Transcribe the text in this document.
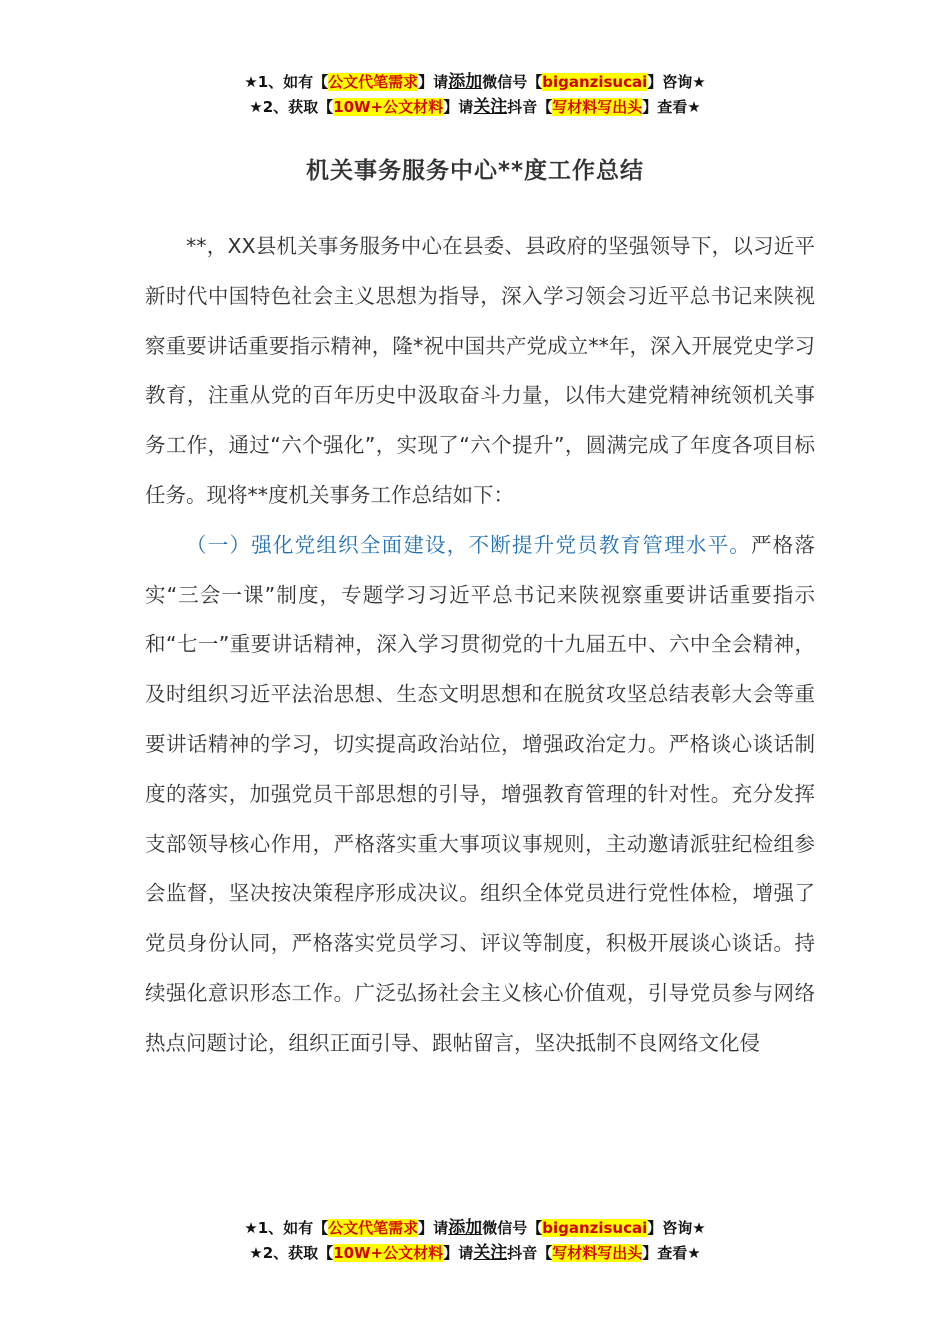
★1、如有【公文代笔需求】请添加微信号【biganzisucai】咨询★
★2、获取【10W+公文材料】请关注抖音【写材料写出头】查看★
机关事务服务中心**度工作总结

**，XX县机关事务服务中心在县委、县政府的坚强领导下，以习近平新时代中国特色社会主义思想为指导，深入学习领会习近平总书记来陕视察重要讲话重要指示精神，隆*祝中国共产党成立**年，深入开展党史学习教育，注重从党的百年历史中汲取奋斗力量，以伟大建党精神统领机关事务工作，通过“六个强化”，实现了“六个提升”，圆满完成了年度各项目标任务。现将**度机关事务工作总结如下：

（一）强化党组织全面建设，不断提升党员教育管理水平。严格落实“三会一课”制度，专题学习习近平总书记来陕视察重要讲话重要指示和“七一”重要讲话精神，深入学习贯彻党的十九届五中、六中全会精神，及时组织习近平法治思想、生态文明思想和在脱贫攻坚总结表彰大会等重要讲话精神的学习，切实提高政治站位，增强政治定力。严格谈心谈话制度的落实，加强党员干部思想的引导，增强教育管理的针对性。充分发挥支部领导核心作用，严格落实重大事项议事规则，主动邀请派驻纪检组参会监督，坚决按决策程序形成决议。组织全体党员进行党性体检，增强了党员身份认同，严格落实党员学习、评议等制度，积极开展谈心谈话。持续强化意识形态工作。广泛弘扬社会主义核心价值观，引导党员参与网络热点问题讨论，组织正面引导、跟帖留言，坚决抵制不良网络文化侵

★1、如有【公文代笔需求】请添加微信号【biganzisucai】咨询★
★2、获取【10W+公文材料】请关注抖音【写材料写出头】查看★
